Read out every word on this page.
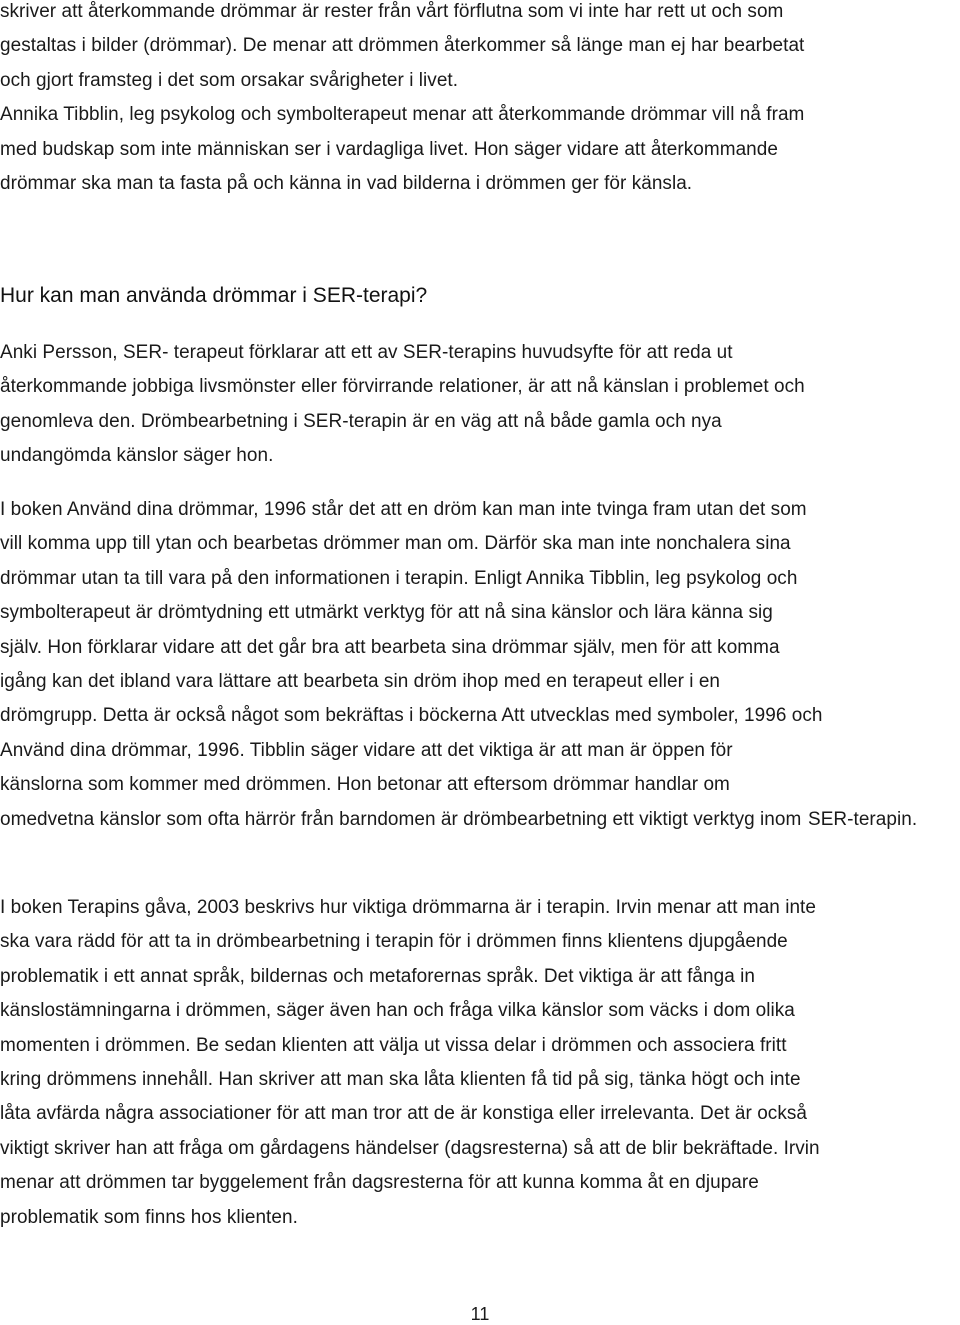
skriver att återkommande drömmar är rester från vårt förflutna som vi inte har rett ut och som gestaltas i bilder (drömmar). De menar att drömmen återkommer så länge man ej har bearbetat och gjort framsteg i det som orsakar svårigheter i livet. Annika Tibblin, leg psykolog och symbolterapeut menar att återkommande drömmar vill nå fram med budskap som inte människan ser i vardagliga livet. Hon säger vidare att återkommande drömmar ska man ta fasta på och känna in vad bilderna i drömmen ger för känsla.
Hur kan man använda drömmar i SER-terapi?
Anki Persson, SER- terapeut förklarar att ett av SER-terapins huvudsyfte för att reda ut återkommande jobbiga livsmönster eller förvirrande relationer, är att nå känslan i problemet och genomleva den. Drömbearbetning i SER-terapin är en väg att nå både gamla och nya undangömda känslor säger hon.
I boken Använd dina drömmar, 1996 står det att en dröm kan man inte tvinga fram utan det som vill komma upp till ytan och bearbetas drömmer man om. Därför ska man inte nonchalera sina drömmar utan ta till vara på den informationen i terapin. Enligt Annika Tibblin, leg psykolog och symbolterapeut är drömtydning ett utmärkt verktyg för att nå sina känslor och lära känna sig själv. Hon förklarar vidare att det går bra att bearbeta sina drömmar själv, men för att komma igång kan det ibland vara lättare att bearbeta sin dröm ihop med en terapeut eller i en drömgrupp. Detta är också något som bekräftas i böckerna Att utvecklas med symboler, 1996 och Använd dina drömmar, 1996. Tibblin säger vidare att det viktiga är att man är öppen för känslorna som kommer med drömmen. Hon betonar att eftersom drömmar handlar om omedvetna känslor som ofta härrör från barndomen är drömbearbetning ett viktigt verktyg inom SER-terapin.
I boken Terapins gåva, 2003 beskrivs hur viktiga drömmarna är i terapin. Irvin menar att man inte ska vara rädd för att ta in drömbearbetning i terapin för i drömmen finns klientens djupgående problematik i ett annat språk, bildernas och metaforernas språk. Det viktiga är att fånga in känslostämningarna i drömmen, säger även han och fråga vilka känslor som väcks i dom olika momenten i drömmen. Be sedan klienten att välja ut vissa delar i drömmen och associera fritt kring drömmens innehåll. Han skriver att man ska låta klienten få tid på sig, tänka högt och inte låta avfärda några associationer för att man tror att de är konstiga eller irrelevanta. Det är också viktigt skriver han att fråga om gårdagens händelser (dagsresterna) så att de blir bekräftade. Irvin menar att drömmen tar byggelement från dagsresterna för att kunna komma åt en djupare problematik som finns hos klienten.
11
